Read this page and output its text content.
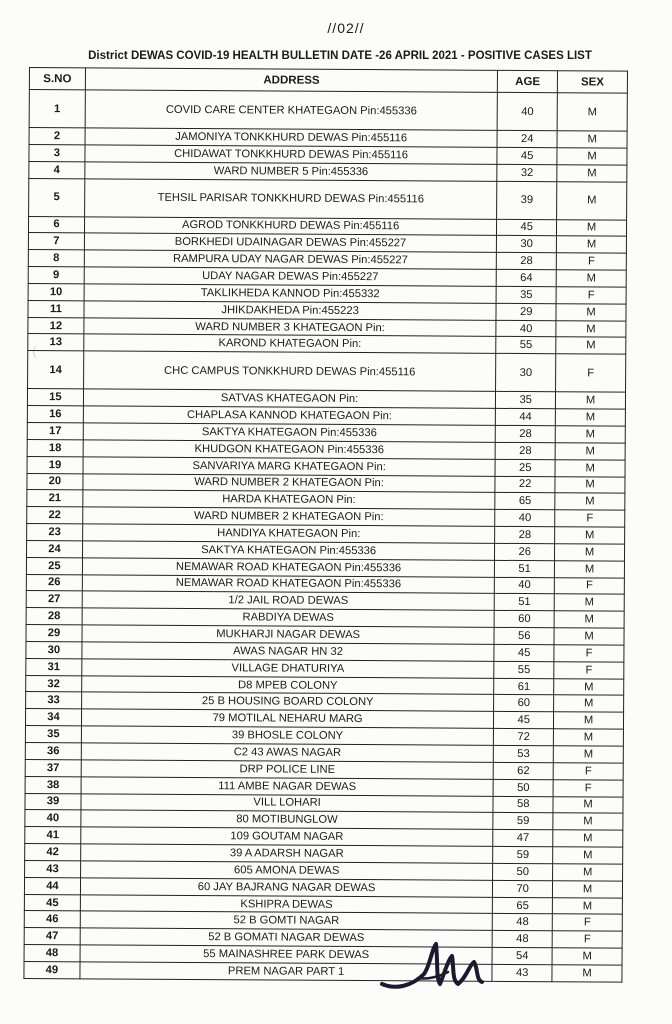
//02//
District DEWAS COVID-19 HEALTH BULLETIN DATE -26 APRIL 2021 - POSITIVE CASES LIST
S.NO	ADDRESS	AGE	SEX
1	COVID CARE CENTER KHATEGAON Pin:455336	40	M
2	JAMONIYA TONKKHURD DEWAS Pin:455116	24	M
3	CHIDAWAT TONKKHURD DEWAS Pin:455116	45	M
4	WARD NUMBER 5 Pin:455336	32	M
5	TEHSIL PARISAR TONKKHURD DEWAS Pin:455116	39	M
6	AGROD TONKKHURD DEWAS Pin:455116	45	M
7	BORKHEDI UDAINAGAR DEWAS Pin:455227	30	M
8	RAMPURA UDAY NAGAR DEWAS Pin:455227	28	F
9	UDAY NAGAR DEWAS Pin:455227	64	M
10	TAKLIKHEDA KANNOD Pin:455332	35	F
11	JHIKDAKHEDA Pin:455223	29	M
12	WARD NUMBER 3 KHATEGAON Pin:	40	M
13	KAROND KHATEGAON Pin:	55	M
14	CHC CAMPUS TONKKHURD DEWAS Pin:455116	30	F
15	SATVAS KHATEGAON Pin:	35	M
16	CHAPLASA KANNOD KHATEGAON Pin:	44	M
17	SAKTYA KHATEGAON Pin:455336	28	M
18	KHUDGON KHATEGAON Pin:455336	28	M
19	SANVARIYA MARG KHATEGAON Pin:	25	M
20	WARD NUMBER 2 KHATEGAON Pin:	22	M
21	HARDA KHATEGAON Pin:	65	M
22	WARD NUMBER 2 KHATEGAON Pin:	40	F
23	HANDIYA KHATEGAON Pin:	28	M
24	SAKTYA KHATEGAON Pin:455336	26	M
25	NEMAWAR ROAD KHATEGAON Pin:455336	51	M
26	NEMAWAR ROAD KHATEGAON Pin:455336	40	F
27	1/2 JAIL ROAD DEWAS	51	M
28	RABDIYA DEWAS	60	M
29	MUKHARJI NAGAR DEWAS	56	M
30	AWAS NAGAR HN 32	45	F
31	VILLAGE DHATURIYA	55	F
32	D8 MPEB COLONY	61	M
33	25 B HOUSING BOARD COLONY	60	M
34	79 MOTILAL NEHARU MARG	45	M
35	39 BHOSLE COLONY	72	M
36	C2 43 AWAS NAGAR	53	M
37	DRP POLICE LINE	62	F
38	111 AMBE NAGAR DEWAS	50	F
39	VILL LOHARI	58	M
40	80 MOTIBUNGLOW	59	M
41	109 GOUTAM NAGAR	47	M
42	39 A ADARSH NAGAR	59	M
43	605 AMONA DEWAS	50	M
44	60 JAY BAJRANG NAGAR DEWAS	70	M
45	KSHIPRA DEWAS	65	M
46	52 B GOMTI NAGAR	48	F
47	52 B GOMATI NAGAR DEWAS	48	F
48	55 MAINASHREE PARK DEWAS	54	M
49	PREM NAGAR PART 1	43	M
